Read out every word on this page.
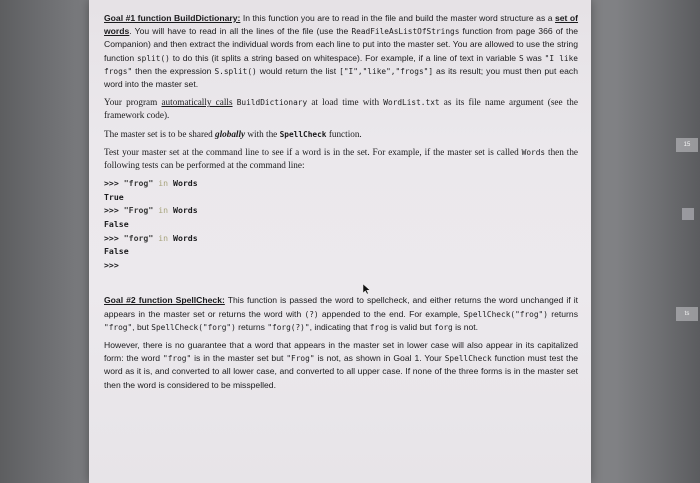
15
ts

Goal #1 function BuildDictionary: In this function you are to read in the file and build the master word structure as a set of words. You will have to read in all the lines of the file (use the ReadFileAsListOfStrings function from page 366 of the Companion) and then extract the individual words from each line to put into the master set. You are allowed to use the string function split() to do this (it splits a string based on whitespace). For example, if a line of text in variable S was "I like frogs" then the expression S.split() would return the list ["I","like","frogs"] as its result; you must then put each word into the master set.

Your program automatically calls BuildDictionary at load time with WordList.txt as its file name argument (see the framework code).

The master set is to be shared globally with the SpellCheck function.

Test your master set at the command line to see if a word is in the set. For example, if the master set is called Words then the following tests can be performed at the command line:

>>> "frog" in Words
True
>>> "Frog" in Words
False
>>> "forg" in Words
False
>>>

Goal #2 function SpellCheck: This function is passed the word to spellcheck, and either returns the word unchanged if it appears in the master set or returns the word with (?) appended to the end. For example, SpellCheck("frog") returns "frog", but SpellCheck("forg") returns "forg(?)", indicating that frog is valid but forg is not.

However, there is no guarantee that a word that appears in the master set in lower case will also appear in its capitalized form: the word "frog" is in the master set but "Frog" is not, as shown in Goal 1. Your SpellCheck function must test the word as it is, and converted to all lower case, and converted to all upper case. If none of the three forms is in the master set then the word is considered to be misspelled.
